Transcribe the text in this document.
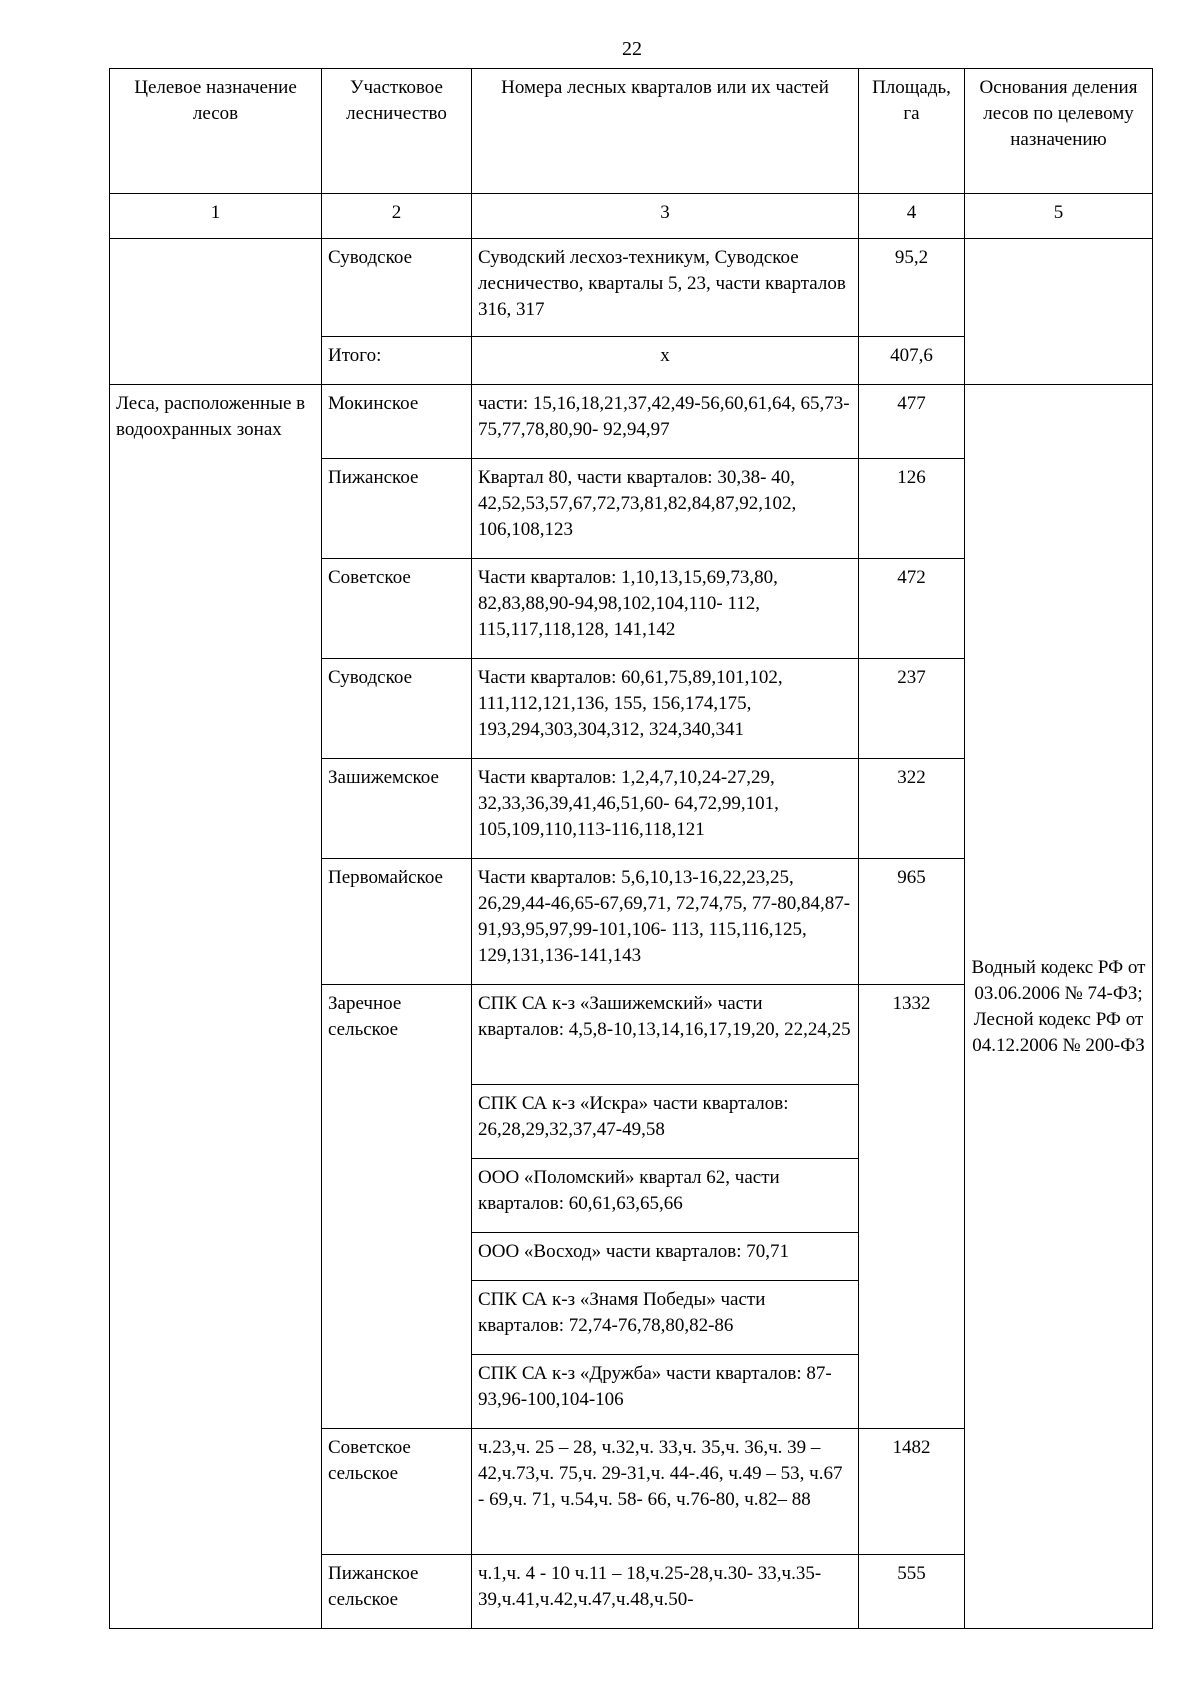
22
Целевое назначение лесов	Участковое лесничество	Номера лесных кварталов или их частей	Площадь, га	Основания деления лесов по целевому назначению
1	2	3	4	5
	Суводское	Суводский лесхоз-техникум, Суводское лесничество, кварталы 5, 23, части кварталов 316, 317	95,2	
	Итого:	х	407,6	
Леса, расположенные в водоохранных зонах	Мокинское	части: 15,16,18,21,37,42,49-56,60,61,64, 65,73-75,77,78,80,90- 92,94,97	477	Водный кодекс РФ от 03.06.2006 № 74-ФЗ; Лесной кодекс РФ от 04.12.2006 № 200-ФЗ
	Пижанское	Квартал 80, части кварталов: 30,38- 40, 42,52,53,57,67,72,73,81,82,84,87,92,102, 106,108,123	126	
	Советское	Части кварталов: 1,10,13,15,69,73,80, 82,83,88,90-94,98,102,104,110- 112, 115,117,118,128, 141,142	472	
	Суводское	Части кварталов: 60,61,75,89,101,102, 111,112,121,136, 155, 156,174,175, 193,294,303,304,312, 324,340,341	237	
	Зашижемское	Части кварталов: 1,2,4,7,10,24-27,29, 32,33,36,39,41,46,51,60- 64,72,99,101, 105,109,110,113-116,118,121	322	
	Первомайское	Части кварталов: 5,6,10,13-16,22,23,25, 26,29,44-46,65-67,69,71, 72,74,75, 77-80,84,87-91,93,95,97,99-101,106- 113, 115,116,125, 129,131,136-141,143	965	
	Заречное сельское	СПК СА к-з «Зашижемский» части кварталов: 4,5,8-10,13,14,16,17,19,20, 22,24,25	1332	
		СПК СА к-з «Искра» части кварталов: 26,28,29,32,37,47-49,58		
		ООО «Поломский» квартал 62, части кварталов: 60,61,63,65,66		
		ООО «Восход» части кварталов: 70,71		
		СПК СА к-з «Знамя Победы» части кварталов: 72,74-76,78,80,82-86		
		СПК СА к-з «Дружба» части кварталов: 87-93,96-100,104-106		
	Советское сельское	ч.23,ч. 25 – 28, ч.32,ч. 33,ч. 35,ч. 36,ч. 39 – 42,ч.73,ч. 75,ч. 29-31,ч. 44-.46, ч.49 – 53, ч.67 - 69,ч. 71, ч.54,ч. 58- 66, ч.76-80, ч.82– 88	1482	
	Пижанское сельское	ч.1,ч. 4 - 10 ч.11 – 18,ч.25-28,ч.30- 33,ч.35-39,ч.41,ч.42,ч.47,ч.48,ч.50-	555	
